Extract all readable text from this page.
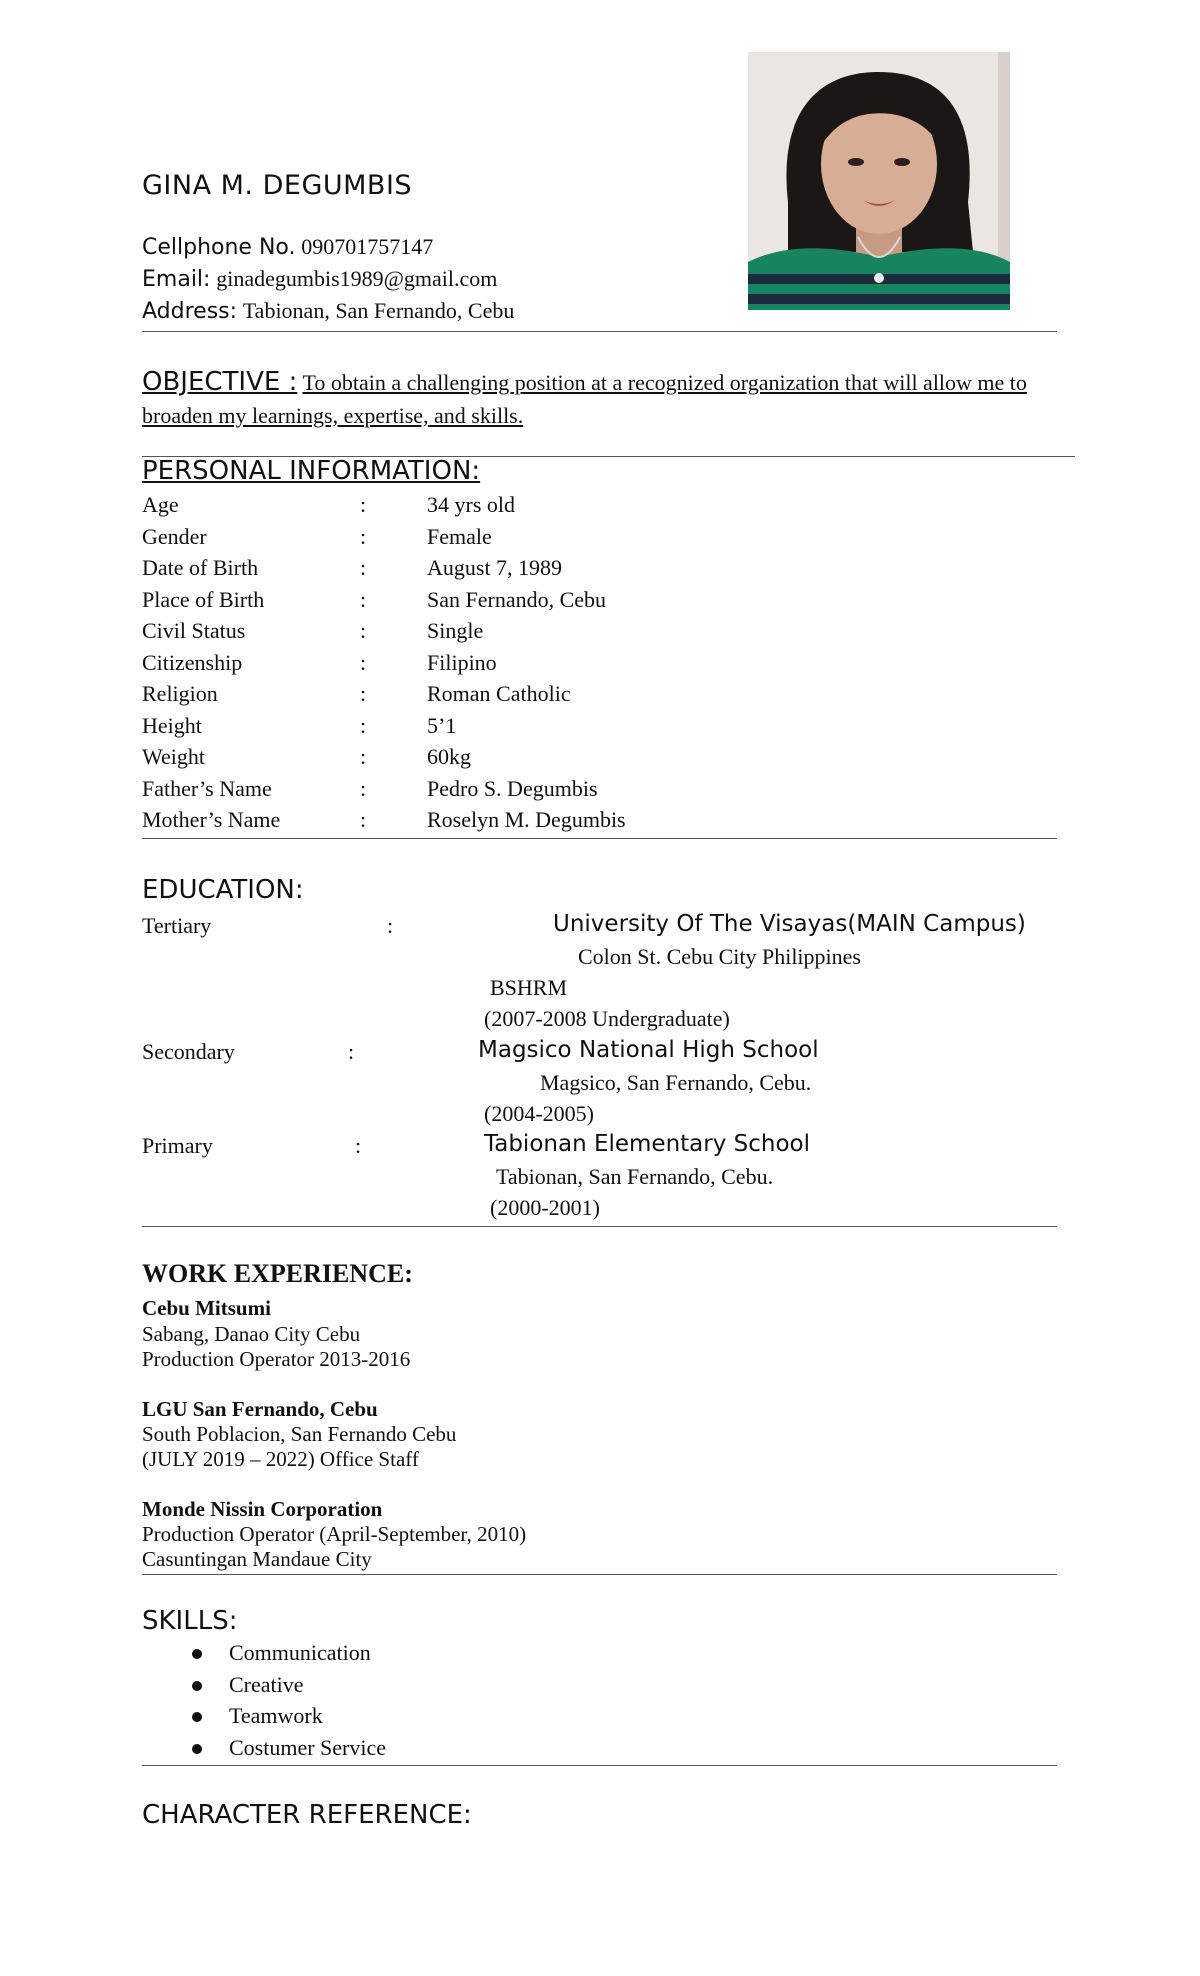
GINA M. DEGUMBIS
Cellphone No. 090701757147
Email: ginadegumbis1989@gmail.com
Address: Tabionan, San Fernando, Cebu
OBJECTIVE : To obtain a challenging position at a recognized organization that will allow me to broaden my learnings, expertise, and skills.
PERSONAL INFORMATION:
Age	:	34 yrs old
Gender	:	Female
Date of Birth	:	August 7, 1989
Place of Birth	:	San Fernando, Cebu
Civil Status	:	Single
Citizenship	:	Filipino
Religion	:	Roman Catholic
Height	:	5’1
Weight	:	60kg
Father’s Name	:	Pedro S. Degumbis
Mother’s Name	:	Roselyn M. Degumbis
EDUCATION:
Tertiary	:	University Of The Visayas(MAIN Campus)
Colon St. Cebu City Philippines
BSHRM
(2007-2008 Undergraduate)
Secondary	:	Magsico National High School
Magsico, San Fernando, Cebu.
(2004-2005)
Primary	:	Tabionan Elementary School
Tabionan, San Fernando, Cebu.
(2000-2001)
WORK EXPERIENCE:
Cebu Mitsumi
Sabang, Danao City Cebu
Production Operator 2013-2016
LGU San Fernando, Cebu
South Poblacion, San Fernando Cebu
(JULY 2019 – 2022) Office Staff
Monde Nissin Corporation
Production Operator (April-September, 2010)
Casuntingan Mandaue City
SKILLS:
Communication
Creative
Teamwork
Costumer Service
CHARACTER REFERENCE:
